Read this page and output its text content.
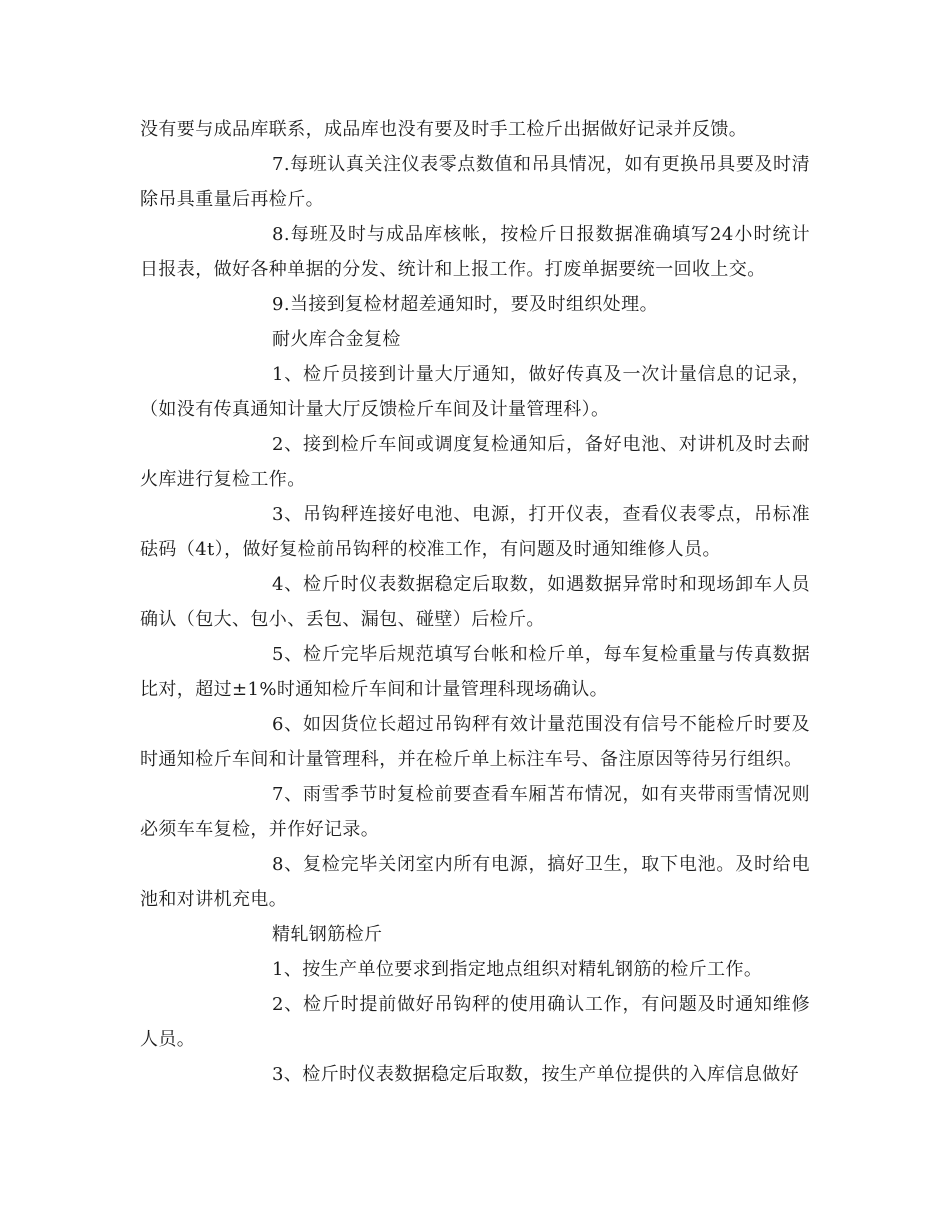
没有要与成品库联系，成品库也没有要及时手工检斤出据做好记录并反馈。

7.每班认真关注仪表零点数值和吊具情况，如有更换吊具要及时清除吊具重量后再检斤。

8.每班及时与成品库核帐，按检斤日报数据准确填写24小时统计日报表，做好各种单据的分发、统计和上报工作。打废单据要统一回收上交。

9.当接到复检材超差通知时，要及时组织处理。

耐火库合金复检

1、检斤员接到计量大厅通知，做好传真及一次计量信息的记录，（如没有传真通知计量大厅反馈检斤车间及计量管理科）。

2、接到检斤车间或调度复检通知后，备好电池、对讲机及时去耐火库进行复检工作。

3、吊钩秤连接好电池、电源，打开仪表，查看仪表零点，吊标准砝码（4t），做好复检前吊钩秤的校准工作，有问题及时通知维修人员。

4、检斤时仪表数据稳定后取数，如遇数据异常时和现场卸车人员确认（包大、包小、丢包、漏包、碰壁）后检斤。

5、检斤完毕后规范填写台帐和检斤单，每车复检重量与传真数据比对，超过±1%时通知检斤车间和计量管理科现场确认。

6、如因货位长超过吊钩秤有效计量范围没有信号不能检斤时要及时通知检斤车间和计量管理科，并在检斤单上标注车号、备注原因等待另行组织。

7、雨雪季节时复检前要查看车厢苫布情况，如有夹带雨雪情况则必须车车复检，并作好记录。

8、复检完毕关闭室内所有电源，搞好卫生，取下电池。及时给电池和对讲机充电。

精轧钢筋检斤

1、按生产单位要求到指定地点组织对精轧钢筋的检斤工作。

2、检斤时提前做好吊钩秤的使用确认工作，有问题及时通知维修人员。

3、检斤时仪表数据稳定后取数，按生产单位提供的入库信息做好
